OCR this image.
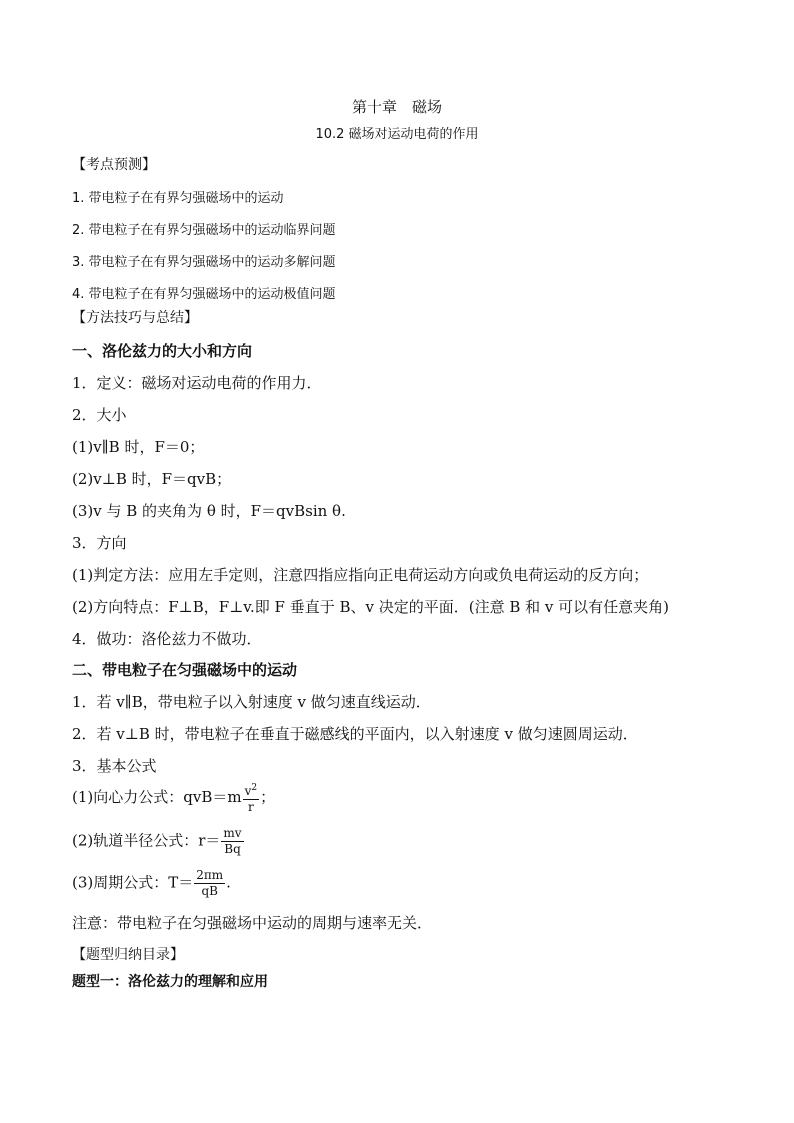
第十章　磁场
10.2 磁场对运动电荷的作用
【考点预测】
1. 带电粒子在有界匀强磁场中的运动
2. 带电粒子在有界匀强磁场中的运动临界问题
3. 带电粒子在有界匀强磁场中的运动多解问题
4. 带电粒子在有界匀强磁场中的运动极值问题
【方法技巧与总结】
一、洛伦兹力的大小和方向
1．定义：磁场对运动电荷的作用力．
2．大小
(1)v∥B 时，F＝0；
(2)v⊥B 时，F＝qvB；
(3)v 与 B 的夹角为 θ 时，F＝qvBsin θ.
3．方向
(1)判定方法：应用左手定则，注意四指应指向正电荷运动方向或负电荷运动的反方向；
(2)方向特点：F⊥B，F⊥v.即 F 垂直于 B、v 决定的平面．(注意 B 和 v 可以有任意夹角)
4．做功：洛伦兹力不做功．
二、带电粒子在匀强磁场中的运动
1．若 v∥B，带电粒子以入射速度 v 做匀速直线运动．
2．若 v⊥B 时，带电粒子在垂直于磁感线的平面内，以入射速度 v 做匀速圆周运动．
3．基本公式
(1)向心力公式：$qvB=m \frac{v^2}{r}$ ；
(2)轨道半径公式：$r= \frac{mv}{Bq}$
(3)周期公式：$T= \frac{2\pi m}{qB}$ .
注意：带电粒子在匀强磁场中运动的周期与速率无关．
【题型归纳目录】
题型一：洛伦兹力的理解和应用
